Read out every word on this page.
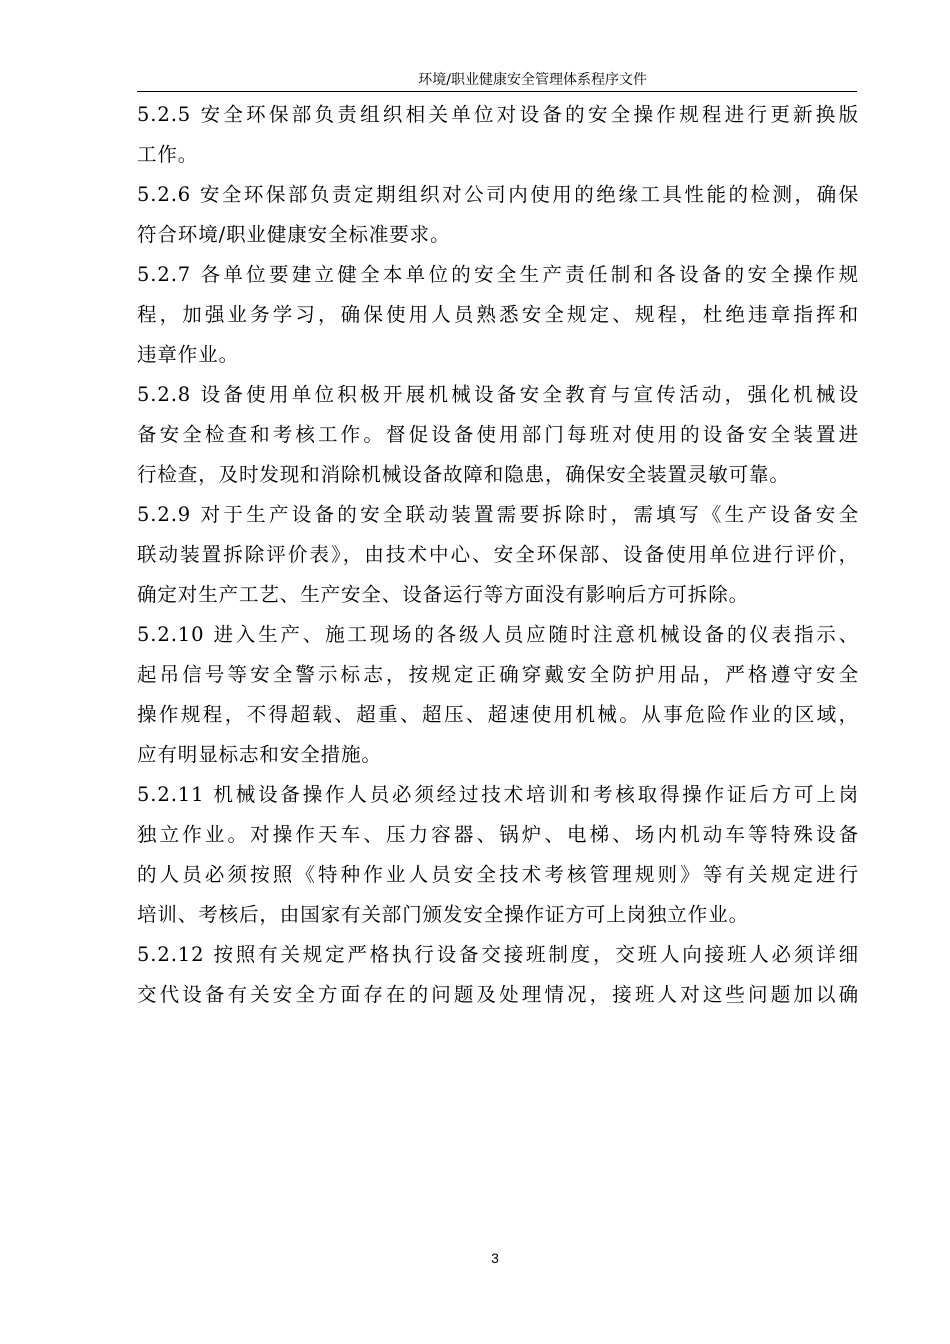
环境/职业健康安全管理体系程序文件

5.2.5 安全环保部负责组织相关单位对设备的安全操作规程进行更新换版
工作。

5.2.6 安全环保部负责定期组织对公司内使用的绝缘工具性能的检测，确保
符合环境/职业健康安全标准要求。

5.2.7 各单位要建立健全本单位的安全生产责任制和各设备的安全操作规
程，加强业务学习，确保使用人员熟悉安全规定、规程，杜绝违章指挥和
违章作业。

5.2.8 设备使用单位积极开展机械设备安全教育与宣传活动，强化机械设
备安全检查和考核工作。督促设备使用部门每班对使用的设备安全装置进
行检查，及时发现和消除机械设备故障和隐患，确保安全装置灵敏可靠。

5.2.9 对于生产设备的安全联动装置需要拆除时，需填写《生产设备安全
联动装置拆除评价表》，由技术中心、安全环保部、设备使用单位进行评价，
确定对生产工艺、生产安全、设备运行等方面没有影响后方可拆除。

5.2.10 进入生产、施工现场的各级人员应随时注意机械设备的仪表指示、
起吊信号等安全警示标志，按规定正确穿戴安全防护用品，严格遵守安全
操作规程，不得超载、超重、超压、超速使用机械。从事危险作业的区域，
应有明显标志和安全措施。

5.2.11 机械设备操作人员必须经过技术培训和考核取得操作证后方可上岗
独立作业。对操作天车、压力容器、锅炉、电梯、场内机动车等特殊设备
的人员必须按照《特种作业人员安全技术考核管理规则》等有关规定进行
培训、考核后，由国家有关部门颁发安全操作证方可上岗独立作业。

5.2.12 按照有关规定严格执行设备交接班制度，交班人向接班人必须详细
交代设备有关安全方面存在的问题及处理情况，接班人对这些问题加以确

3
